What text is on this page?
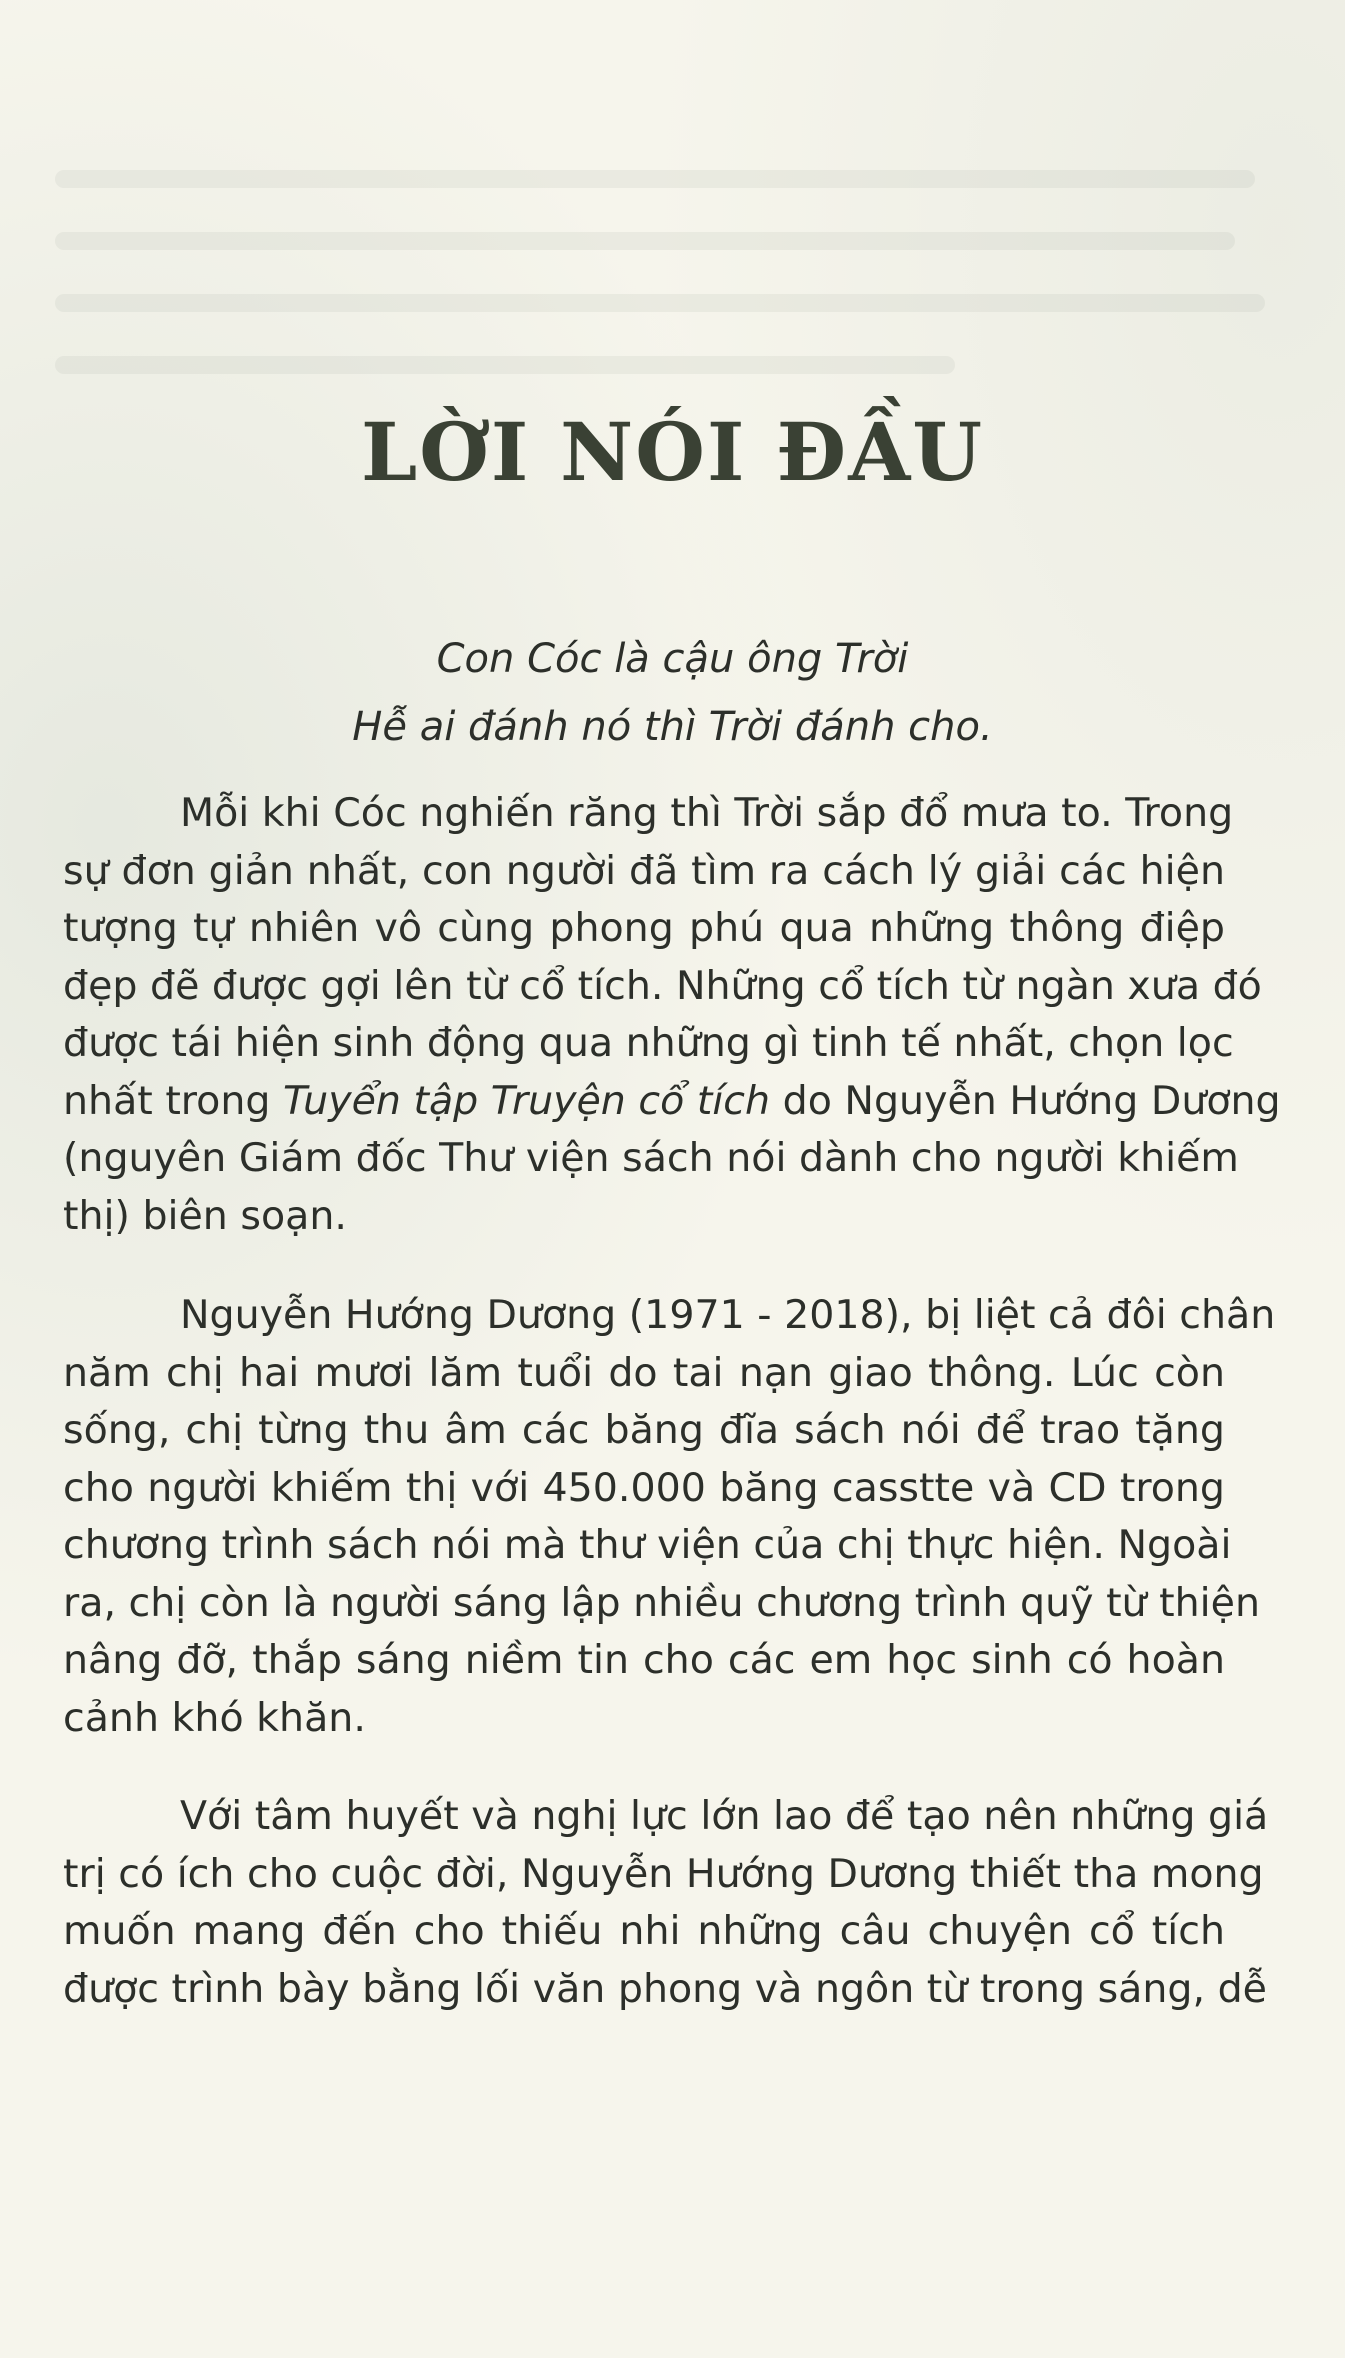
LỜI NÓI ĐẦU
Con Cóc là cậu ông Trời
Hễ ai đánh nó thì Trời đánh cho.
Mỗi khi Cóc nghiến răng thì Trời sắp đổ mưa to. Trong
sự đơn giản nhất, con người đã tìm ra cách lý giải các hiện
tượng tự nhiên vô cùng phong phú qua những thông điệp
đẹp đẽ được gợi lên từ cổ tích. Những cổ tích từ ngàn xưa đó
được tái hiện sinh động qua những gì tinh tế nhất, chọn lọc
nhất trong Tuyển tập Truyện cổ tích do Nguyễn Hướng Dương
(nguyên Giám đốc Thư viện sách nói dành cho người khiếm
thị) biên soạn.
Nguyễn Hướng Dương (1971 - 2018), bị liệt cả đôi chân
năm chị hai mươi lăm tuổi do tai nạn giao thông. Lúc còn
sống, chị từng thu âm các băng đĩa sách nói để trao tặng
cho người khiếm thị với 450.000 băng casstte và CD trong
chương trình sách nói mà thư viện của chị thực hiện. Ngoài
ra, chị còn là người sáng lập nhiều chương trình quỹ từ thiện
nâng đỡ, thắp sáng niềm tin cho các em học sinh có hoàn
cảnh khó khăn.
Với tâm huyết và nghị lực lớn lao để tạo nên những giá
trị có ích cho cuộc đời, Nguyễn Hướng Dương thiết tha mong
muốn mang đến cho thiếu nhi những câu chuyện cổ tích
được trình bày bằng lối văn phong và ngôn từ trong sáng, dễ
